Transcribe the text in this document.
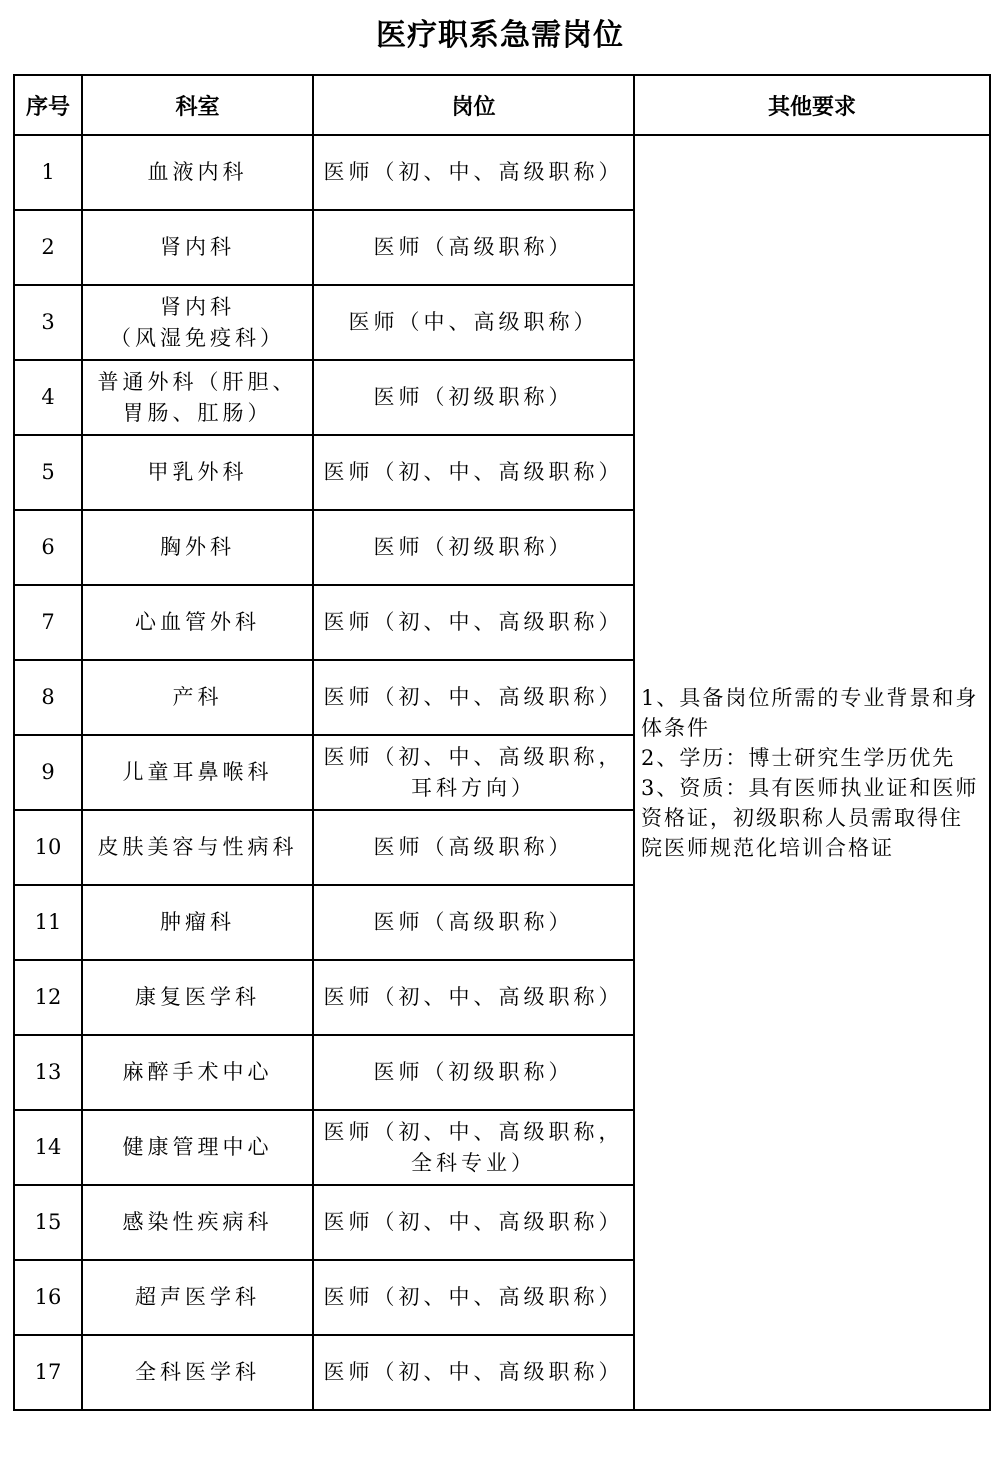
医疗职系急需岗位
序号	科室	岗位	其他要求
1	血液内科	医师（初、中、高级职称）	1、具备岗位所需的专业背景和身体条件
2、学历：博士研究生学历优先
3、资质：具有医师执业证和医师资格证，初级职称人员需取得住院医师规范化培训合格证

2	肾内科	医师（高级职称）	
3	肾内科
（风湿免疫科）	医师（中、高级职称）	
4	普通外科（肝胆、
胃肠、肛肠）	医师（初级职称）	
5	甲乳外科	医师（初、中、高级职称）	
6	胸外科	医师（初级职称）	
7	心血管外科	医师（初、中、高级职称）	
8	产科	医师（初、中、高级职称）	
9	儿童耳鼻喉科	医师（初、中、高级职称，
耳科方向）	
10	皮肤美容与性病科	医师（高级职称）	
11	肿瘤科	医师（高级职称）	
12	康复医学科	医师（初、中、高级职称）	
13	麻醉手术中心	医师（初级职称）	
14	健康管理中心	医师（初、中、高级职称，
全科专业）	
15	感染性疾病科	医师（初、中、高级职称）	
16	超声医学科	医师（初、中、高级职称）	
17	全科医学科	医师（初、中、高级职称）	
